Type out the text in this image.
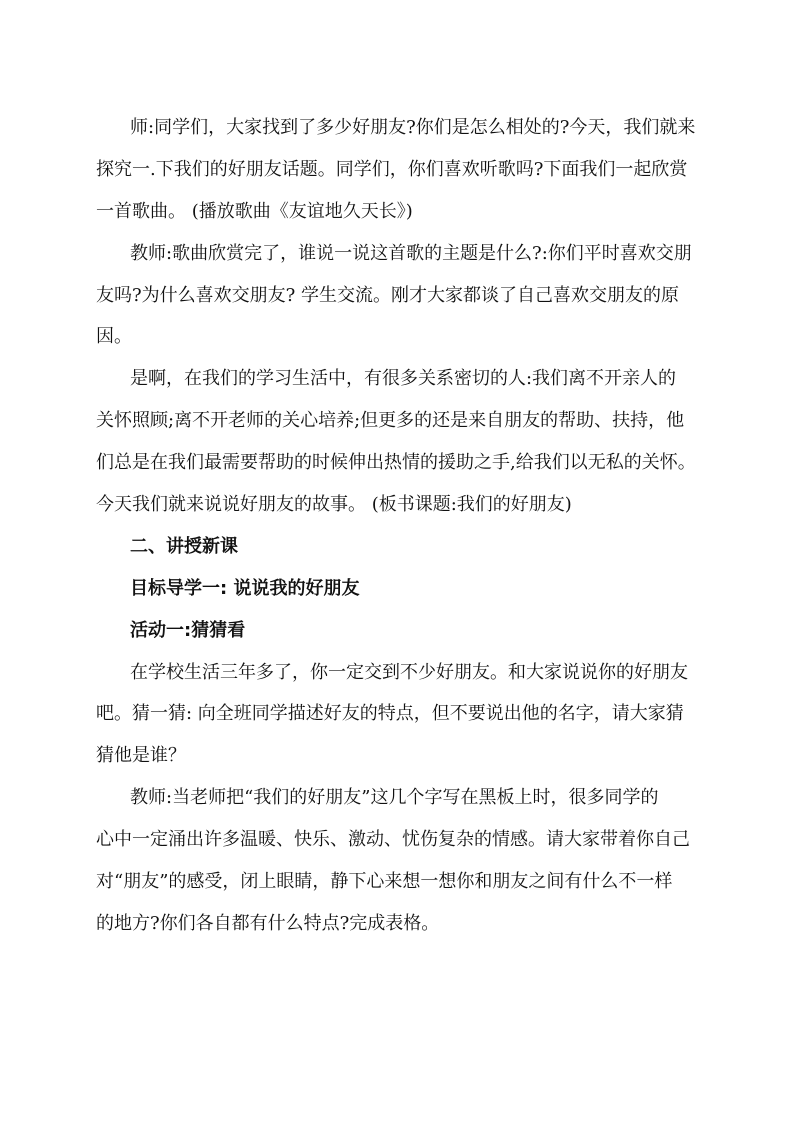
师:同学们，大家找到了多少好朋友?你们是怎么相处的?今天，我们就来
探究一.下我们的好朋友话题。同学们，你们喜欢听歌吗?下面我们一起欣赏
一首歌曲。 (播放歌曲《友谊地久天长》)
教师:歌曲欣赏完了，谁说一说这首歌的主题是什么?:你们平时喜欢交朋
友吗?为什么喜欢交朋友? 学生交流。刚才大家都谈了自己喜欢交朋友的原
因。
是啊，在我们的学习生活中，有很多关系密切的人:我们离不开亲人的
关怀照顾;离不开老师的关心培养;但更多的还是来自朋友的帮助、扶持，他
们总是在我们最需要帮助的时候伸出热情的援助之手,给我们以无私的关怀。
今天我们就来说说好朋友的故事。 (板书课题:我们的好朋友)
二、讲授新课
目标导学一: 说说我的好朋友
活动一:猜猜看
在学校生活三年多了，你一定交到不少好朋友。和大家说说你的好朋友
吧。猜一猜: 向全班同学描述好友的特点，但不要说出他的名字，请大家猜
猜他是谁？
教师:当老师把“我们的好朋友”这几个字写在黑板上时，很多同学的
心中一定涌出许多温暖、快乐、激动、忧伤复杂的情感。请大家带着你自己
对“朋友”的感受，闭上眼睛，静下心来想一想你和朋友之间有什么不一样
的地方?你们各自都有什么特点?完成表格。
